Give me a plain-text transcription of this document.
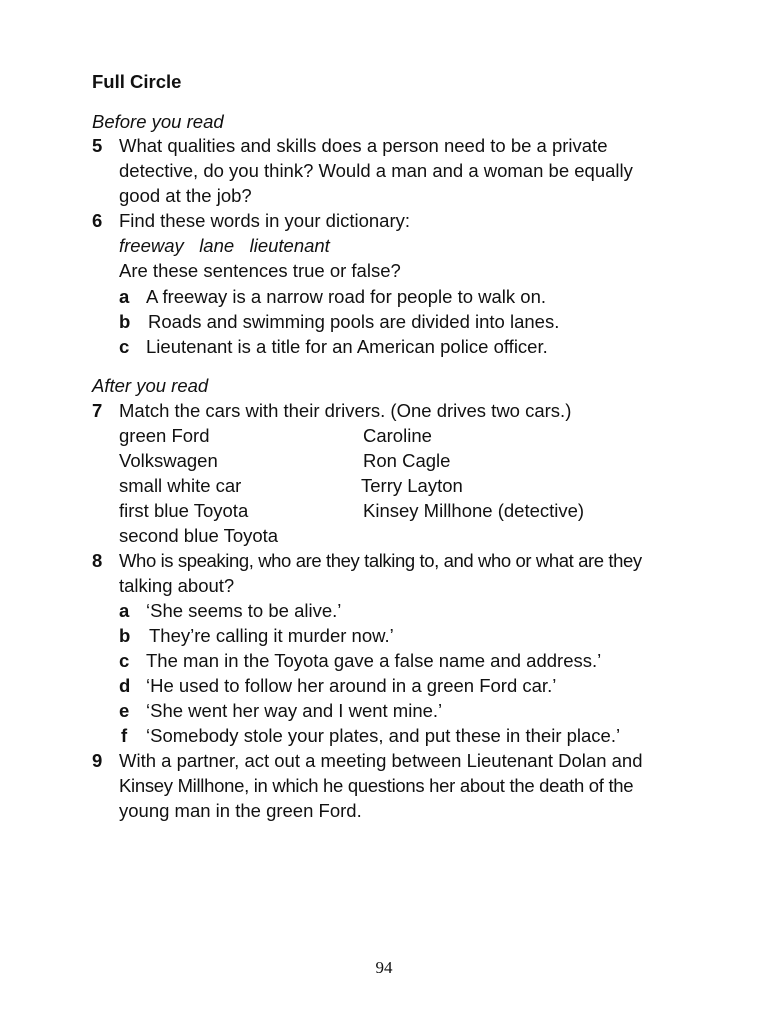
Full Circle
Before you read
5 What qualities and skills does a person need to be a private
detective, do you think? Would a man and a woman be equally
good at the job?
6 Find these words in your dictionary:
freeway   lane   lieutenant
Are these sentences true or false?
a A freeway is a narrow road for people to walk on.
b Roads and swimming pools are divided into lanes.
c Lieutenant is a title for an American police officer.
After you read
7 Match the cars with their drivers. (One drives two cars.)
green Ford
Volkswagen
small white car
first blue Toyota
second blue Toyota
Caroline
Ron Cagle
Terry Layton
Kinsey Millhone (detective)
8 Who is speaking, who are they talking to, and who or what are they
talking about?
a ‘She seems to be alive.’
b They’re calling it murder now.’
c The man in the Toyota gave a false name and address.’
d ‘He used to follow her around in a green Ford car.’
e ‘She went her way and I went mine.’
f ‘Somebody stole your plates, and put these in their place.’
9 With a partner, act out a meeting between Lieutenant Dolan and
Kinsey Millhone, in which he questions her about the death of the
young man in the green Ford.
94
